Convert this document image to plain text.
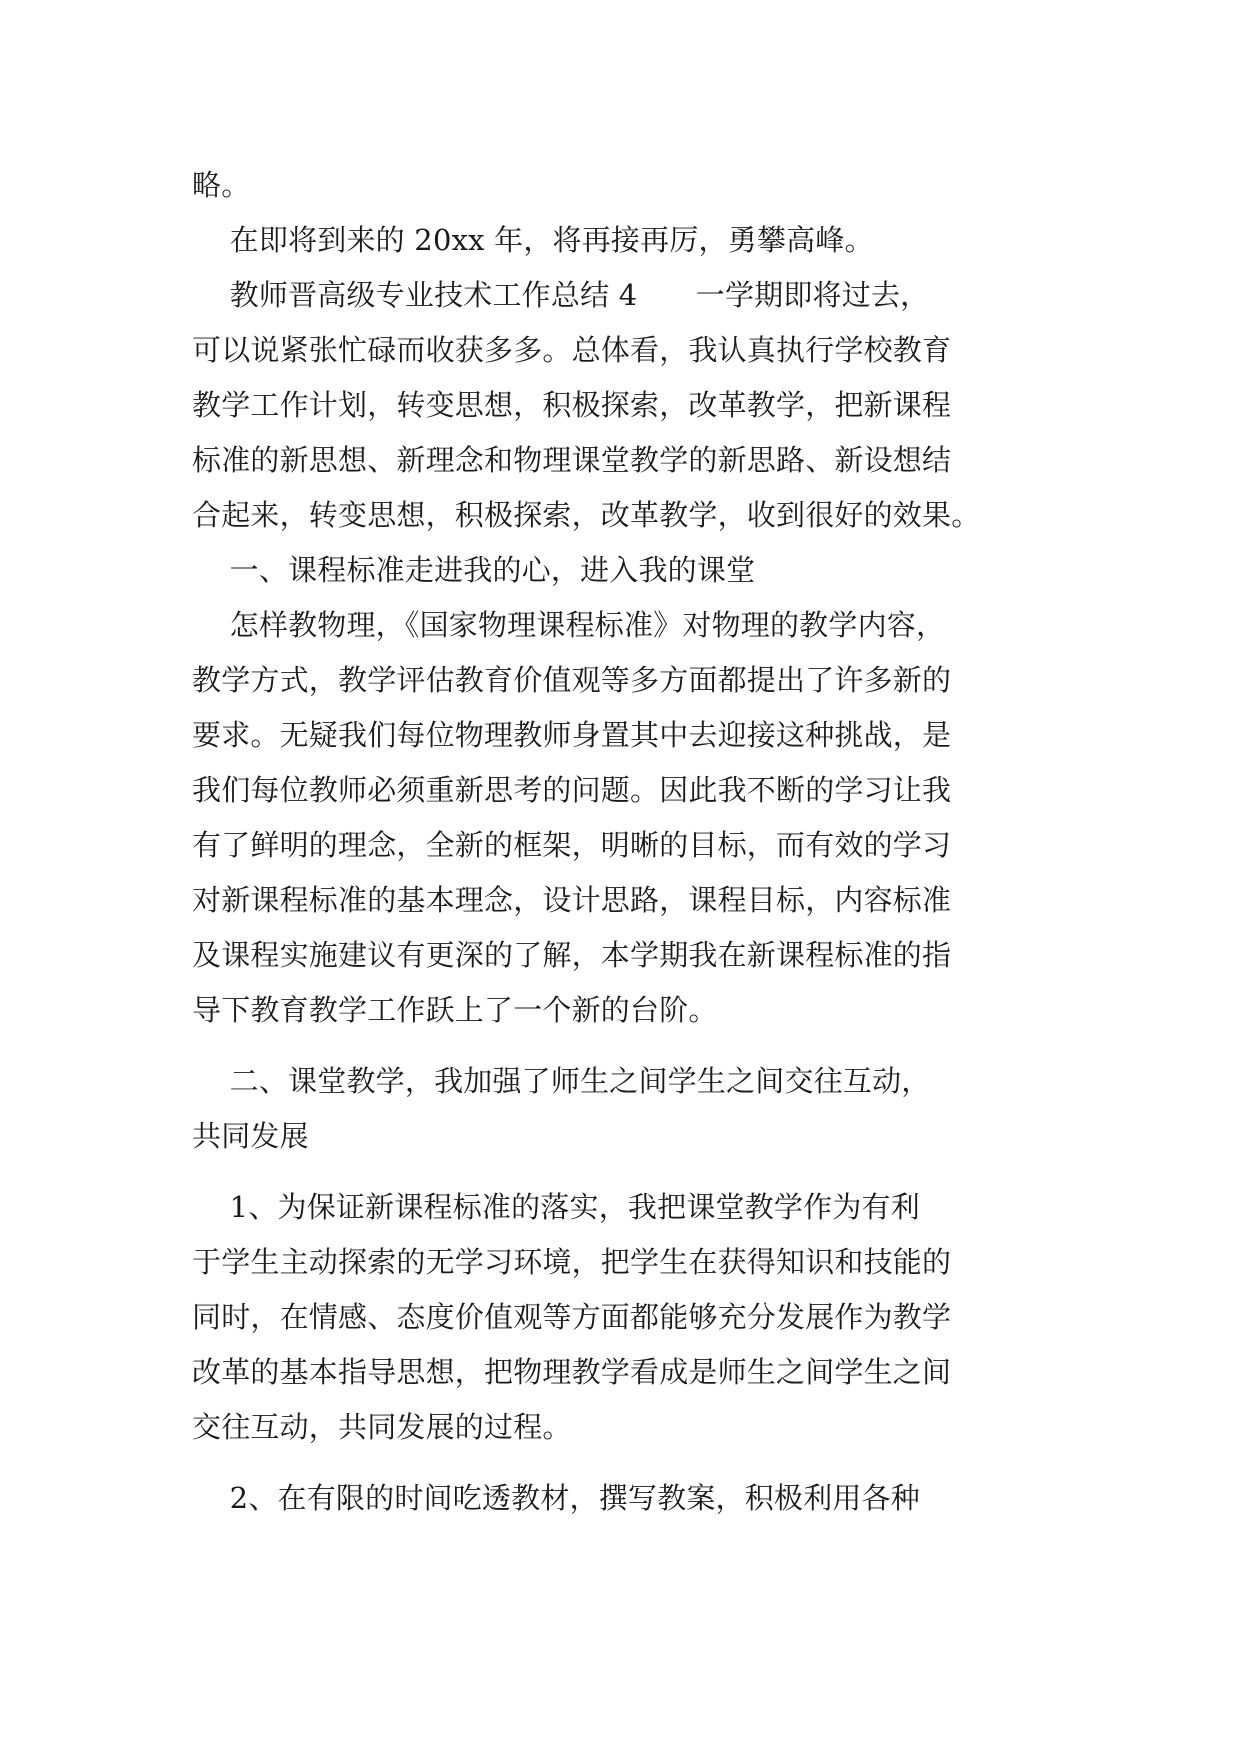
略。
在即将到来的 20xx 年，将再接再厉，勇攀高峰。
教师晋高级专业技术工作总结 4　　一学期即将过去，
可以说紧张忙碌而收获多多。总体看，我认真执行学校教育
教学工作计划，转变思想，积极探索，改革教学，把新课程
标准的新思想、新理念和物理课堂教学的新思路、新设想结
合起来，转变思想，积极探索，改革教学，收到很好的效果。
一、课程标准走进我的心，进入我的课堂
怎样教物理，《国家物理课程标准》对物理的教学内容，
教学方式，教学评估教育价值观等多方面都提出了许多新的
要求。无疑我们每位物理教师身置其中去迎接这种挑战，是
我们每位教师必须重新思考的问题。因此我不断的学习让我
有了鲜明的理念，全新的框架，明晰的目标，而有效的学习
对新课程标准的基本理念，设计思路，课程目标，内容标准
及课程实施建议有更深的了解，本学期我在新课程标准的指
导下教育教学工作跃上了一个新的台阶。
二、课堂教学，我加强了师生之间学生之间交往互动，
共同发展
1、为保证新课程标准的落实，我把课堂教学作为有利
于学生主动探索的无学习环境，把学生在获得知识和技能的
同时，在情感、态度价值观等方面都能够充分发展作为教学
改革的基本指导思想，把物理教学看成是师生之间学生之间
交往互动，共同发展的过程。
2、在有限的时间吃透教材，撰写教案，积极利用各种
